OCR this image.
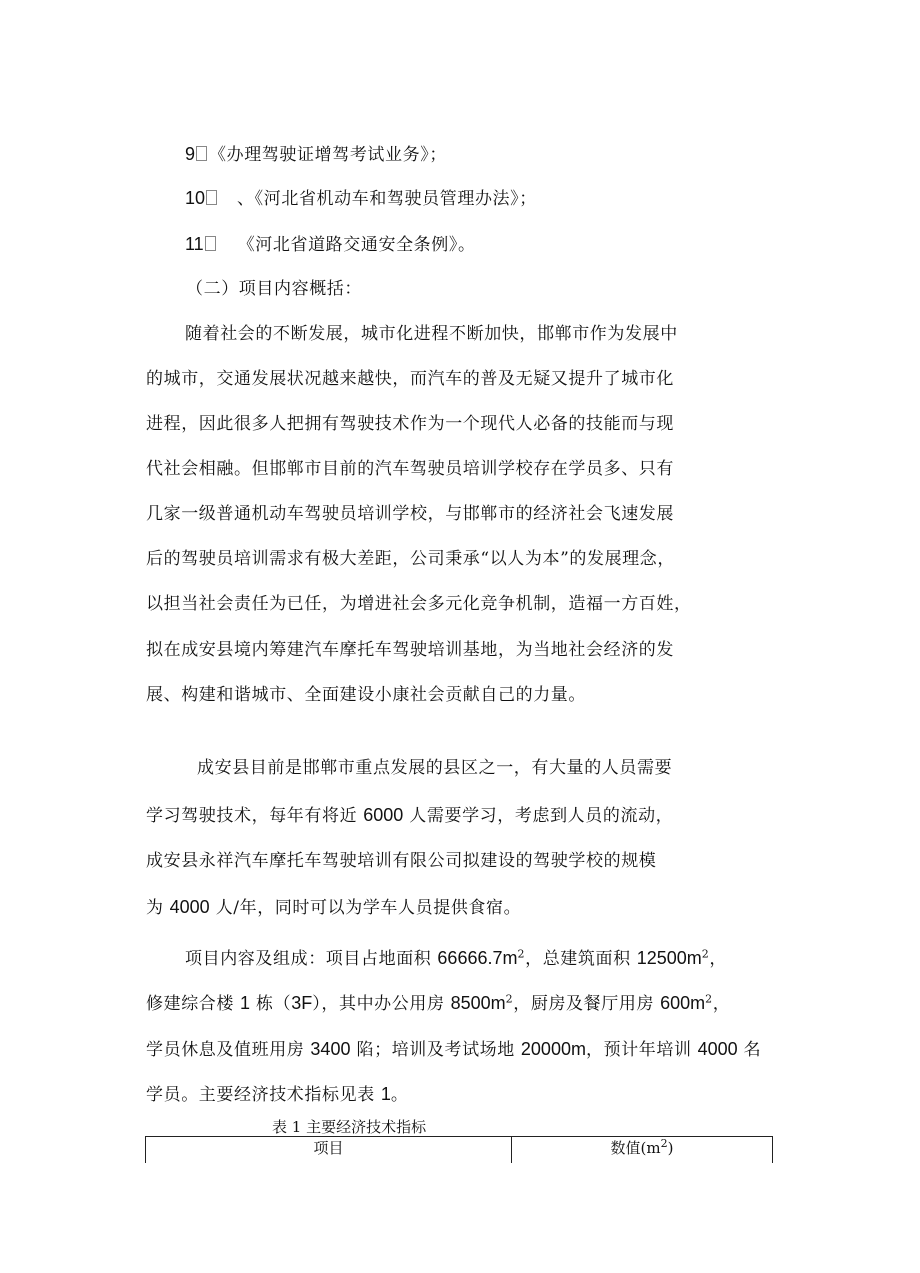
9 《办理驾驶证增驾考试业务》；
10 、《河北省机动车和驾驶员管理办法》；
11 《河北省道路交通安全条例》。
（二）项目内容概括：
随着社会的不断发展，城市化进程不断加快，邯郸市作为发展中
的城市，交通发展状况越来越快，而汽车的普及无疑又提升了城市化
进程，因此很多人把拥有驾驶技术作为一个现代人必备的技能而与现
代社会相融。但邯郸市目前的汽车驾驶员培训学校存在学员多、只有
几家一级普通机动车驾驶员培训学校，与邯郸市的经济社会飞速发展
后的驾驶员培训需求有极大差距，公司秉承“以人为本”的发展理念，
以担当社会责任为已任，为增进社会多元化竞争机制，造福一方百姓，
拟在成安县境内筹建汽车摩托车驾驶培训基地，为当地社会经济的发
展、构建和谐城市、全面建设小康社会贡献自己的力量。
成安县目前是邯郸市重点发展的县区之一，有大量的人员需要
学习驾驶技术，每年有将近 6000 人需要学习，考虑到人员的流动，
成安县永祥汽车摩托车驾驶培训有限公司拟建设的驾驶学校的规模
为 4000 人/年，同时可以为学车人员提供食宿。
项目内容及组成：项目占地面积 $66666.7m^2$，总建筑面积 $12500m^2$，
修建综合楼 1 栋（3F），其中办公用房 $8500m^2$，厨房及餐厅用房 $600m^2$，
学员休息及值班用房 3400 陷；培训及考试场地 20000m，预计年培训 4000 名
学员。主要经济技术指标见表 1。
表 1 主要经济技术指标
项目	数值$(m^2)$
